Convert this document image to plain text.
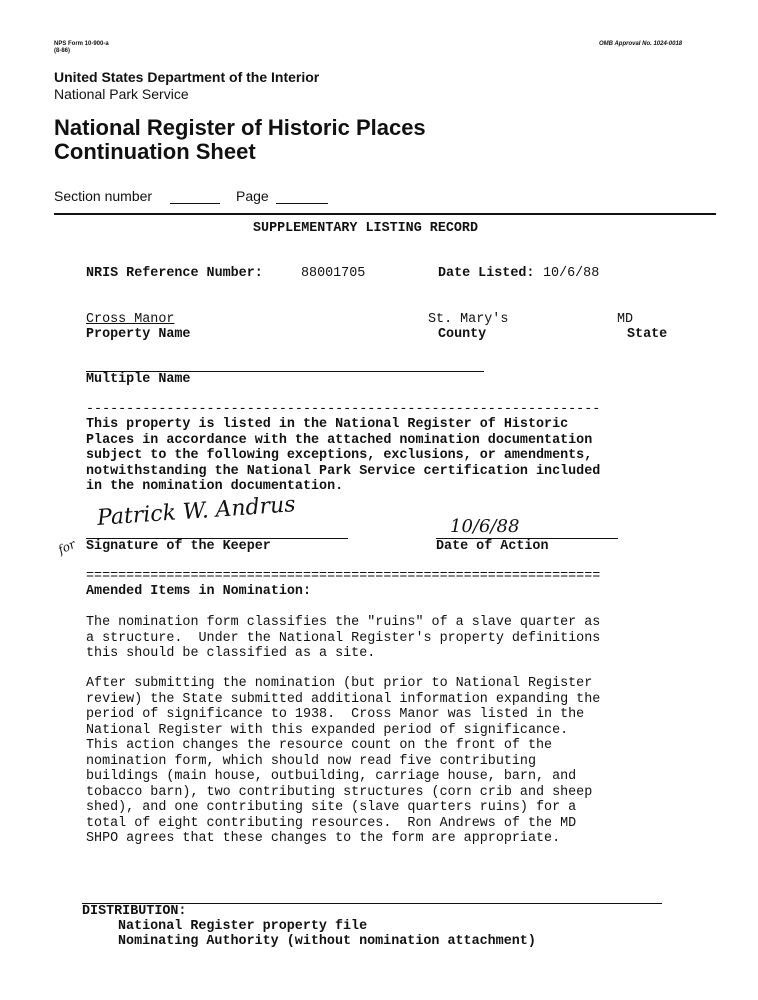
NPS Form 10-900-a
(8-86)
OMB Approval No. 1024-0018
United States Department of the Interior
National Park Service
National Register of Historic Places
Continuation Sheet
Section number	Page
SUPPLEMENTARY LISTING RECORD
NRIS Reference Number:	88001705	Date Listed: 10/6/88
Cross Manor
Property Name
St. Mary's
County
MD
State
Multiple Name
----------------------------------------------------------------
This property is listed in the National Register of Historic
Places in accordance with the attached nomination documentation
subject to the following exceptions, exclusions, or amendments,
notwithstanding the National Park Service certification included
in the nomination documentation.
Patrick W. Andrus
for Signature of the Keeper
10/6/88
Date of Action
================================================================
Amended Items in Nomination:
The nomination form classifies the "ruins" of a slave quarter as
a structure.  Under the National Register's property definitions
this should be classified as a site.
After submitting the nomination (but prior to National Register
review) the State submitted additional information expanding the
period of significance to 1938.  Cross Manor was listed in the
National Register with this expanded period of significance.
This action changes the resource count on the front of the
nomination form, which should now read five contributing
buildings (main house, outbuilding, carriage house, barn, and
tobacco barn), two contributing structures (corn crib and sheep
shed), and one contributing site (slave quarters ruins) for a
total of eight contributing resources.  Ron Andrews of the MD
SHPO agrees that these changes to the form are appropriate.
DISTRIBUTION:
National Register property file
Nominating Authority (without nomination attachment)
